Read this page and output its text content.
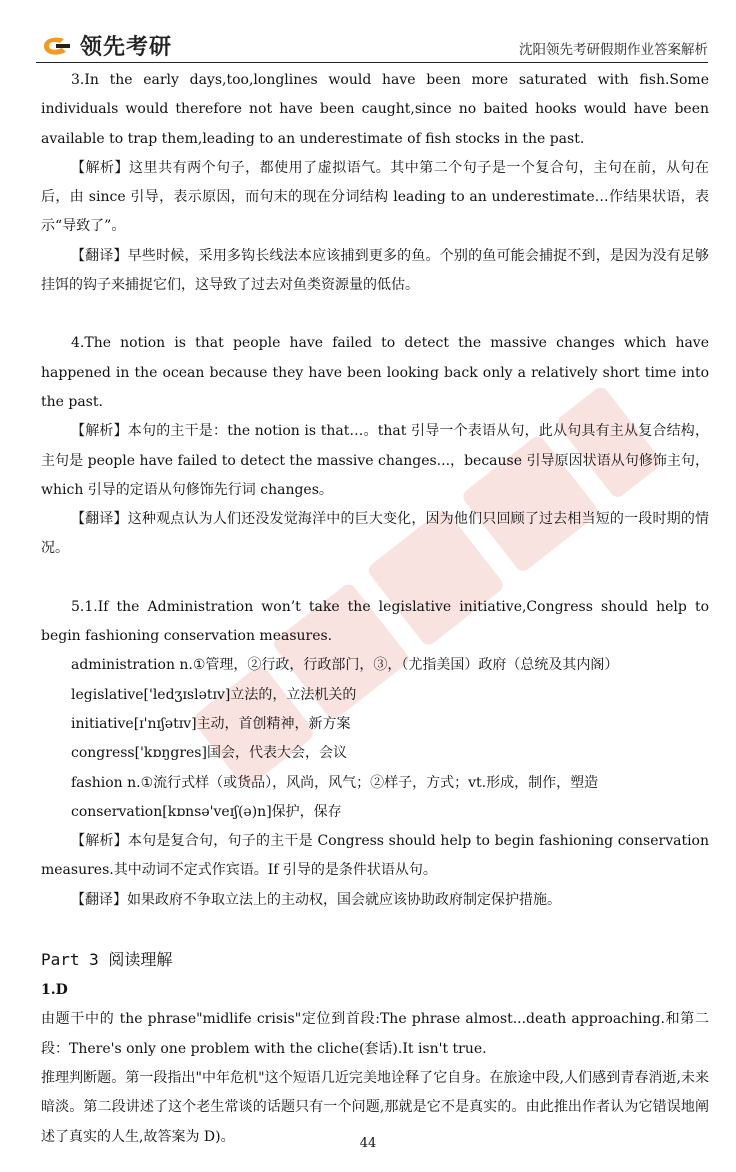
领先考研	沈阳领先考研假期作业答案解析

3.In the early days,too,longlines would have been more saturated with fish.Some individuals would therefore not have been caught,since no baited hooks would have been available to trap them,leading to an underestimate of fish stocks in the past.

【解析】这里共有两个句子，都使用了虚拟语气。其中第二个句子是一个复合句，主句在前，从句在后，由 since 引导，表示原因，而句末的现在分词结构 leading to an underestimate…作结果状语，表示“导致了”。

【翻译】早些时候，采用多钩长线法本应该捕到更多的鱼。个别的鱼可能会捕捉不到，是因为没有足够挂饵的钩子来捕捉它们，这导致了过去对鱼类资源量的低估。

4.The notion is that people have failed to detect the massive changes which have happened in the ocean because they have been looking back only a relatively short time into the past.

【解析】本句的主干是：the notion is that…。that 引导一个表语从句，此从句具有主从复合结构，主句是 people have failed to detect the massive changes...，because 引导原因状语从句修饰主句，which 引导的定语从句修饰先行词 changes。

【翻译】这种观点认为人们还没发觉海洋中的巨大变化，因为他们只回顾了过去相当短的一段时期的情况。

5.1.If the Administration won’t take the legislative initiative,Congress should help to begin fashioning conservation measures.

administration n.①管理，②行政，行政部门，③，（尤指美国）政府（总统及其内阁）

legislative['ledʒɪslətɪv]立法的，立法机关的

initiative[ɪ'nɪʃətɪv]主动，首创精神，新方案

congress['kɒŋgres]国会，代表大会，会议

fashion n.①流行式样（或货品），风尚，风气；②样子，方式；vt.形成，制作，塑造

conservation[kɒnsə'veɪʃ(ə)n]保护，保存

【解析】本句是复合句，句子的主干是 Congress should help to begin fashioning conservation measures.其中动词不定式作宾语。If 引导的是条件状语从句。

【翻译】如果政府不争取立法上的主动权，国会就应该协助政府制定保护措施。

Part 3 阅读理解

1.D

由题干中的 the phrase"midlife crisis"定位到首段:The phrase almost...death approaching.和第二段：There's only one problem with the cliche(套话).It isn't true.

推理判断题。第一段指出"中年危机"这个短语几近完美地诠释了它自身。在旅途中段,人们感到青春消逝,未来暗淡。第二段讲述了这个老生常谈的话题只有一个问题,那就是它不是真实的。由此推出作者认为它错误地阐述了真实的人生,故答案为 D)。	44
